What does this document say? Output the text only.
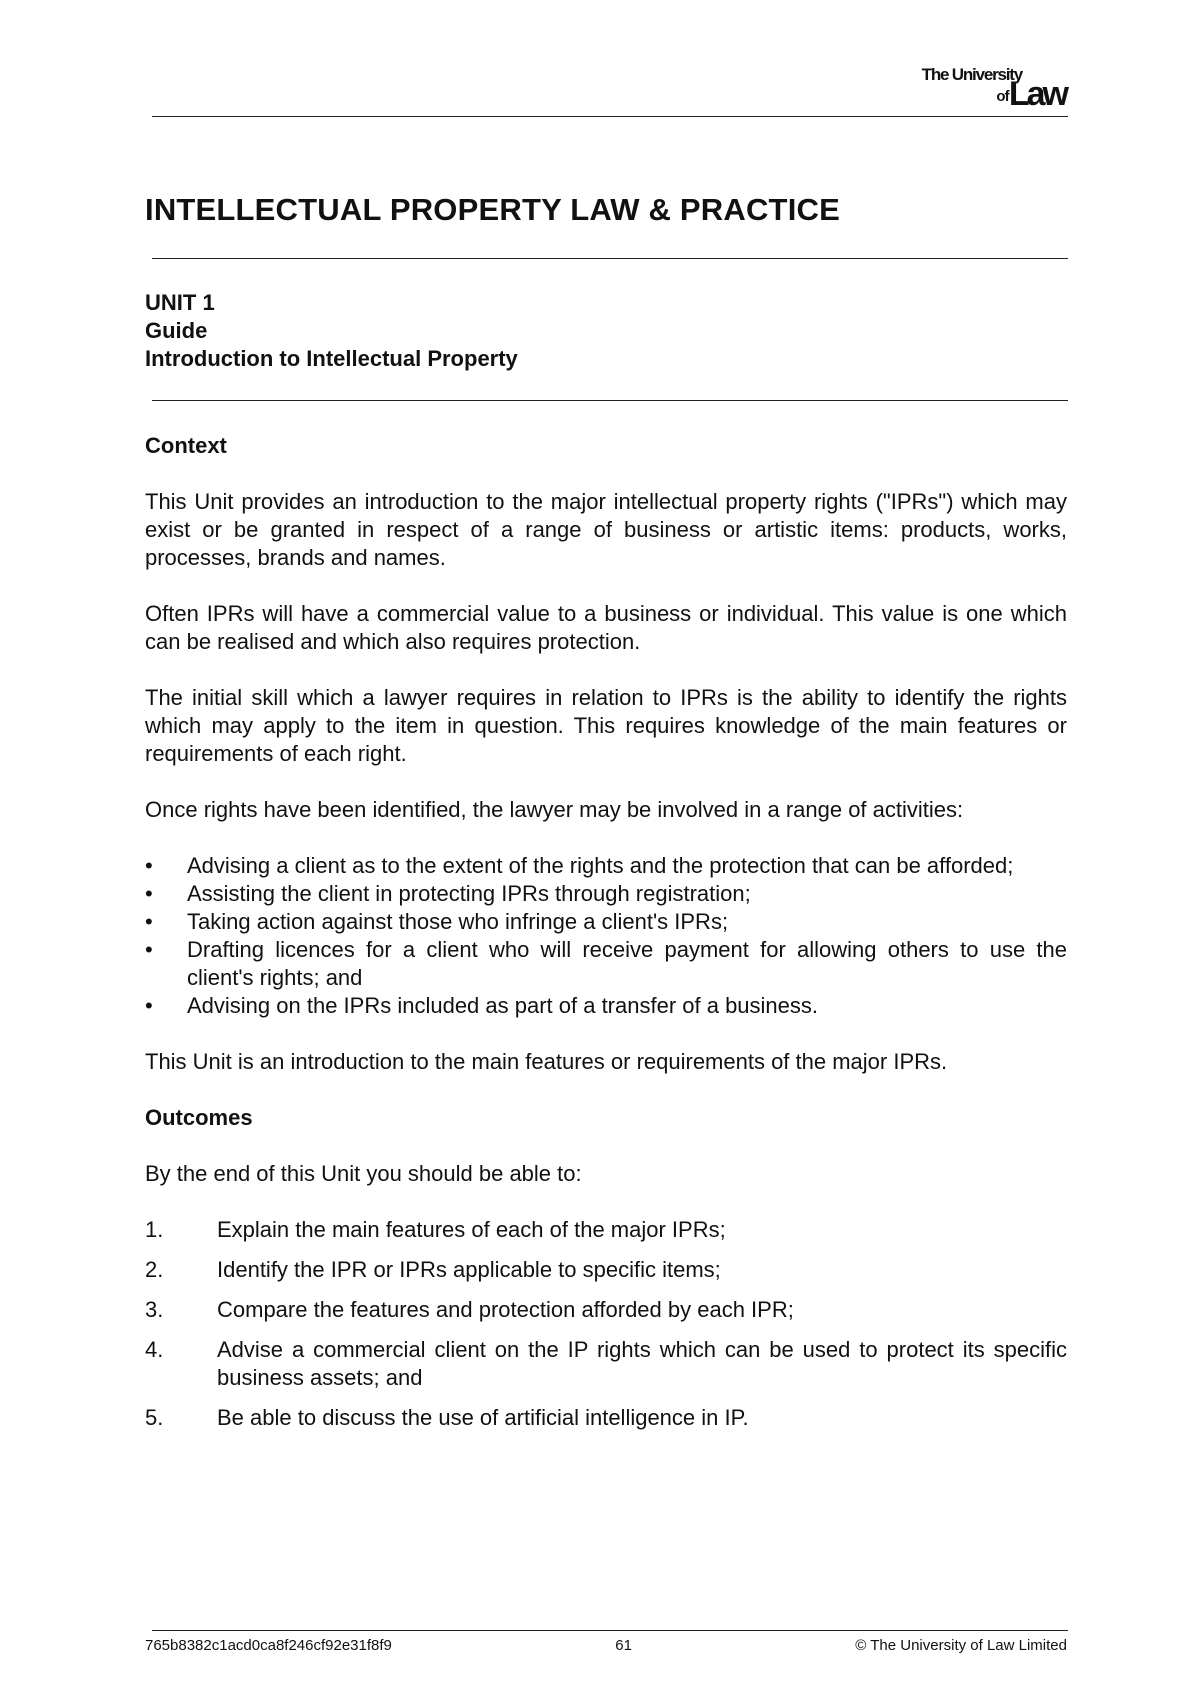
The University
ofLaw
INTELLECTUAL PROPERTY LAW & PRACTICE
UNIT 1
Guide
Introduction to Intellectual Property
Context

This Unit provides an introduction to the major intellectual property rights ("IPRs") which may exist or be granted in respect of a range of business or artistic items: products, works, processes, brands and names.

Often IPRs will have a commercial value to a business or individual. This value is one which can be realised and which also requires protection.

The initial skill which a lawyer requires in relation to IPRs is the ability to identify the rights which may apply to the item in question. This requires knowledge of the main features or requirements of each right.

Once rights have been identified, the lawyer may be involved in a range of activities:

• Advising a client as to the extent of the rights and the protection that can be afforded;
• Assisting the client in protecting IPRs through registration;
• Taking action against those who infringe a client's IPRs;
• Drafting licences for a client who will receive payment for allowing others to use the client's rights; and
• Advising on the IPRs included as part of a transfer of a business.

This Unit is an introduction to the main features or requirements of the major IPRs.

Outcomes

By the end of this Unit you should be able to:

1. Explain the main features of each of the major IPRs;
2. Identify the IPR or IPRs applicable to specific items;
3. Compare the features and protection afforded by each IPR;
4. Advise a commercial client on the IP rights which can be used to protect its specific business assets; and
5. Be able to discuss the use of artificial intelligence in IP.
765b8382c1acd0ca8f246cf92e31f8f9	61	© The University of Law Limited
